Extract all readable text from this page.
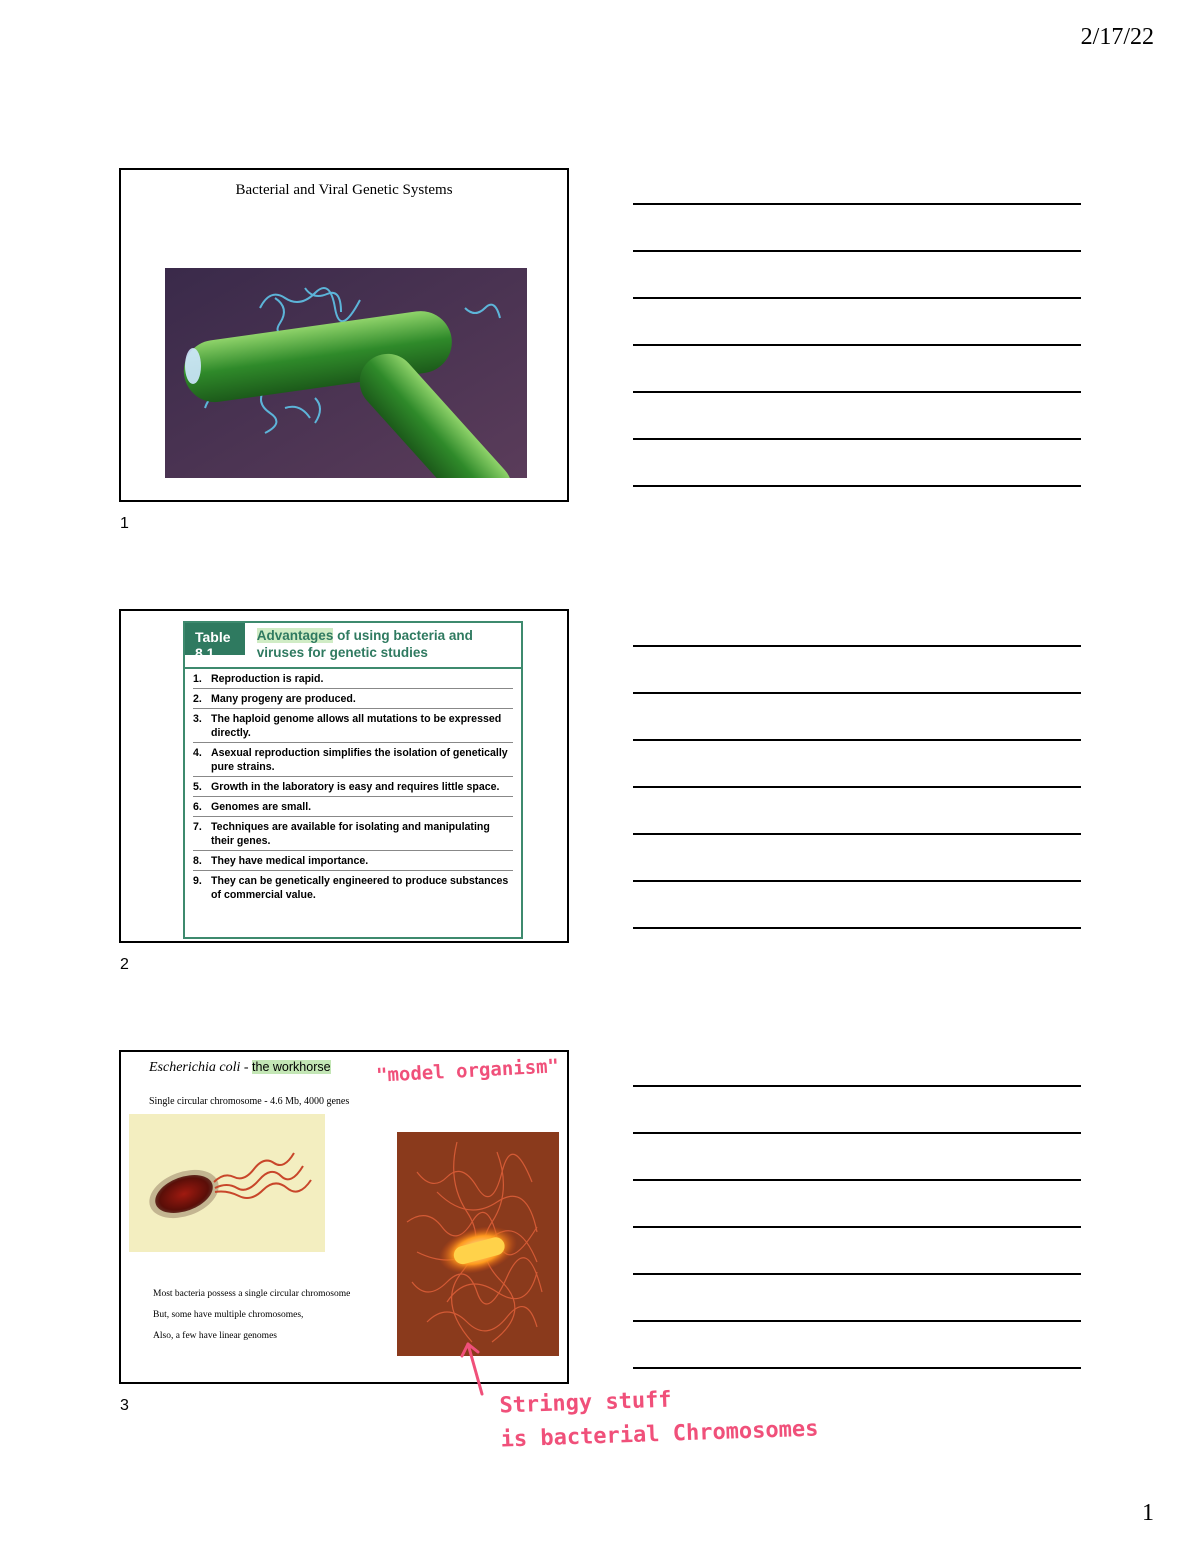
2/17/22
Bacterial and Viral Genetic Systems
1
Table 8.1
Advantages of using bacteria and viruses for genetic studies
1. Reproduction is rapid.
2. Many progeny are produced.
3. The haploid genome allows all mutations to be expressed directly.
4. Asexual reproduction simplifies the isolation of genetically pure strains.
5. Growth in the laboratory is easy and requires little space.
6. Genomes are small.
7. Techniques are available for isolating and manipulating their genes.
8. They have medical importance.
9. They can be genetically engineered to produce substances of commercial value.
2
Escherichia coli - the workhorse
Single circular chromosome - 4.6 Mb, 4000 genes

Most bacteria possess a single circular chromosome

But, some have multiple chromosomes,

Also, a few have linear genomes

3
"model organism"
Stringy stuff
is bacterial Chromosomes
1
